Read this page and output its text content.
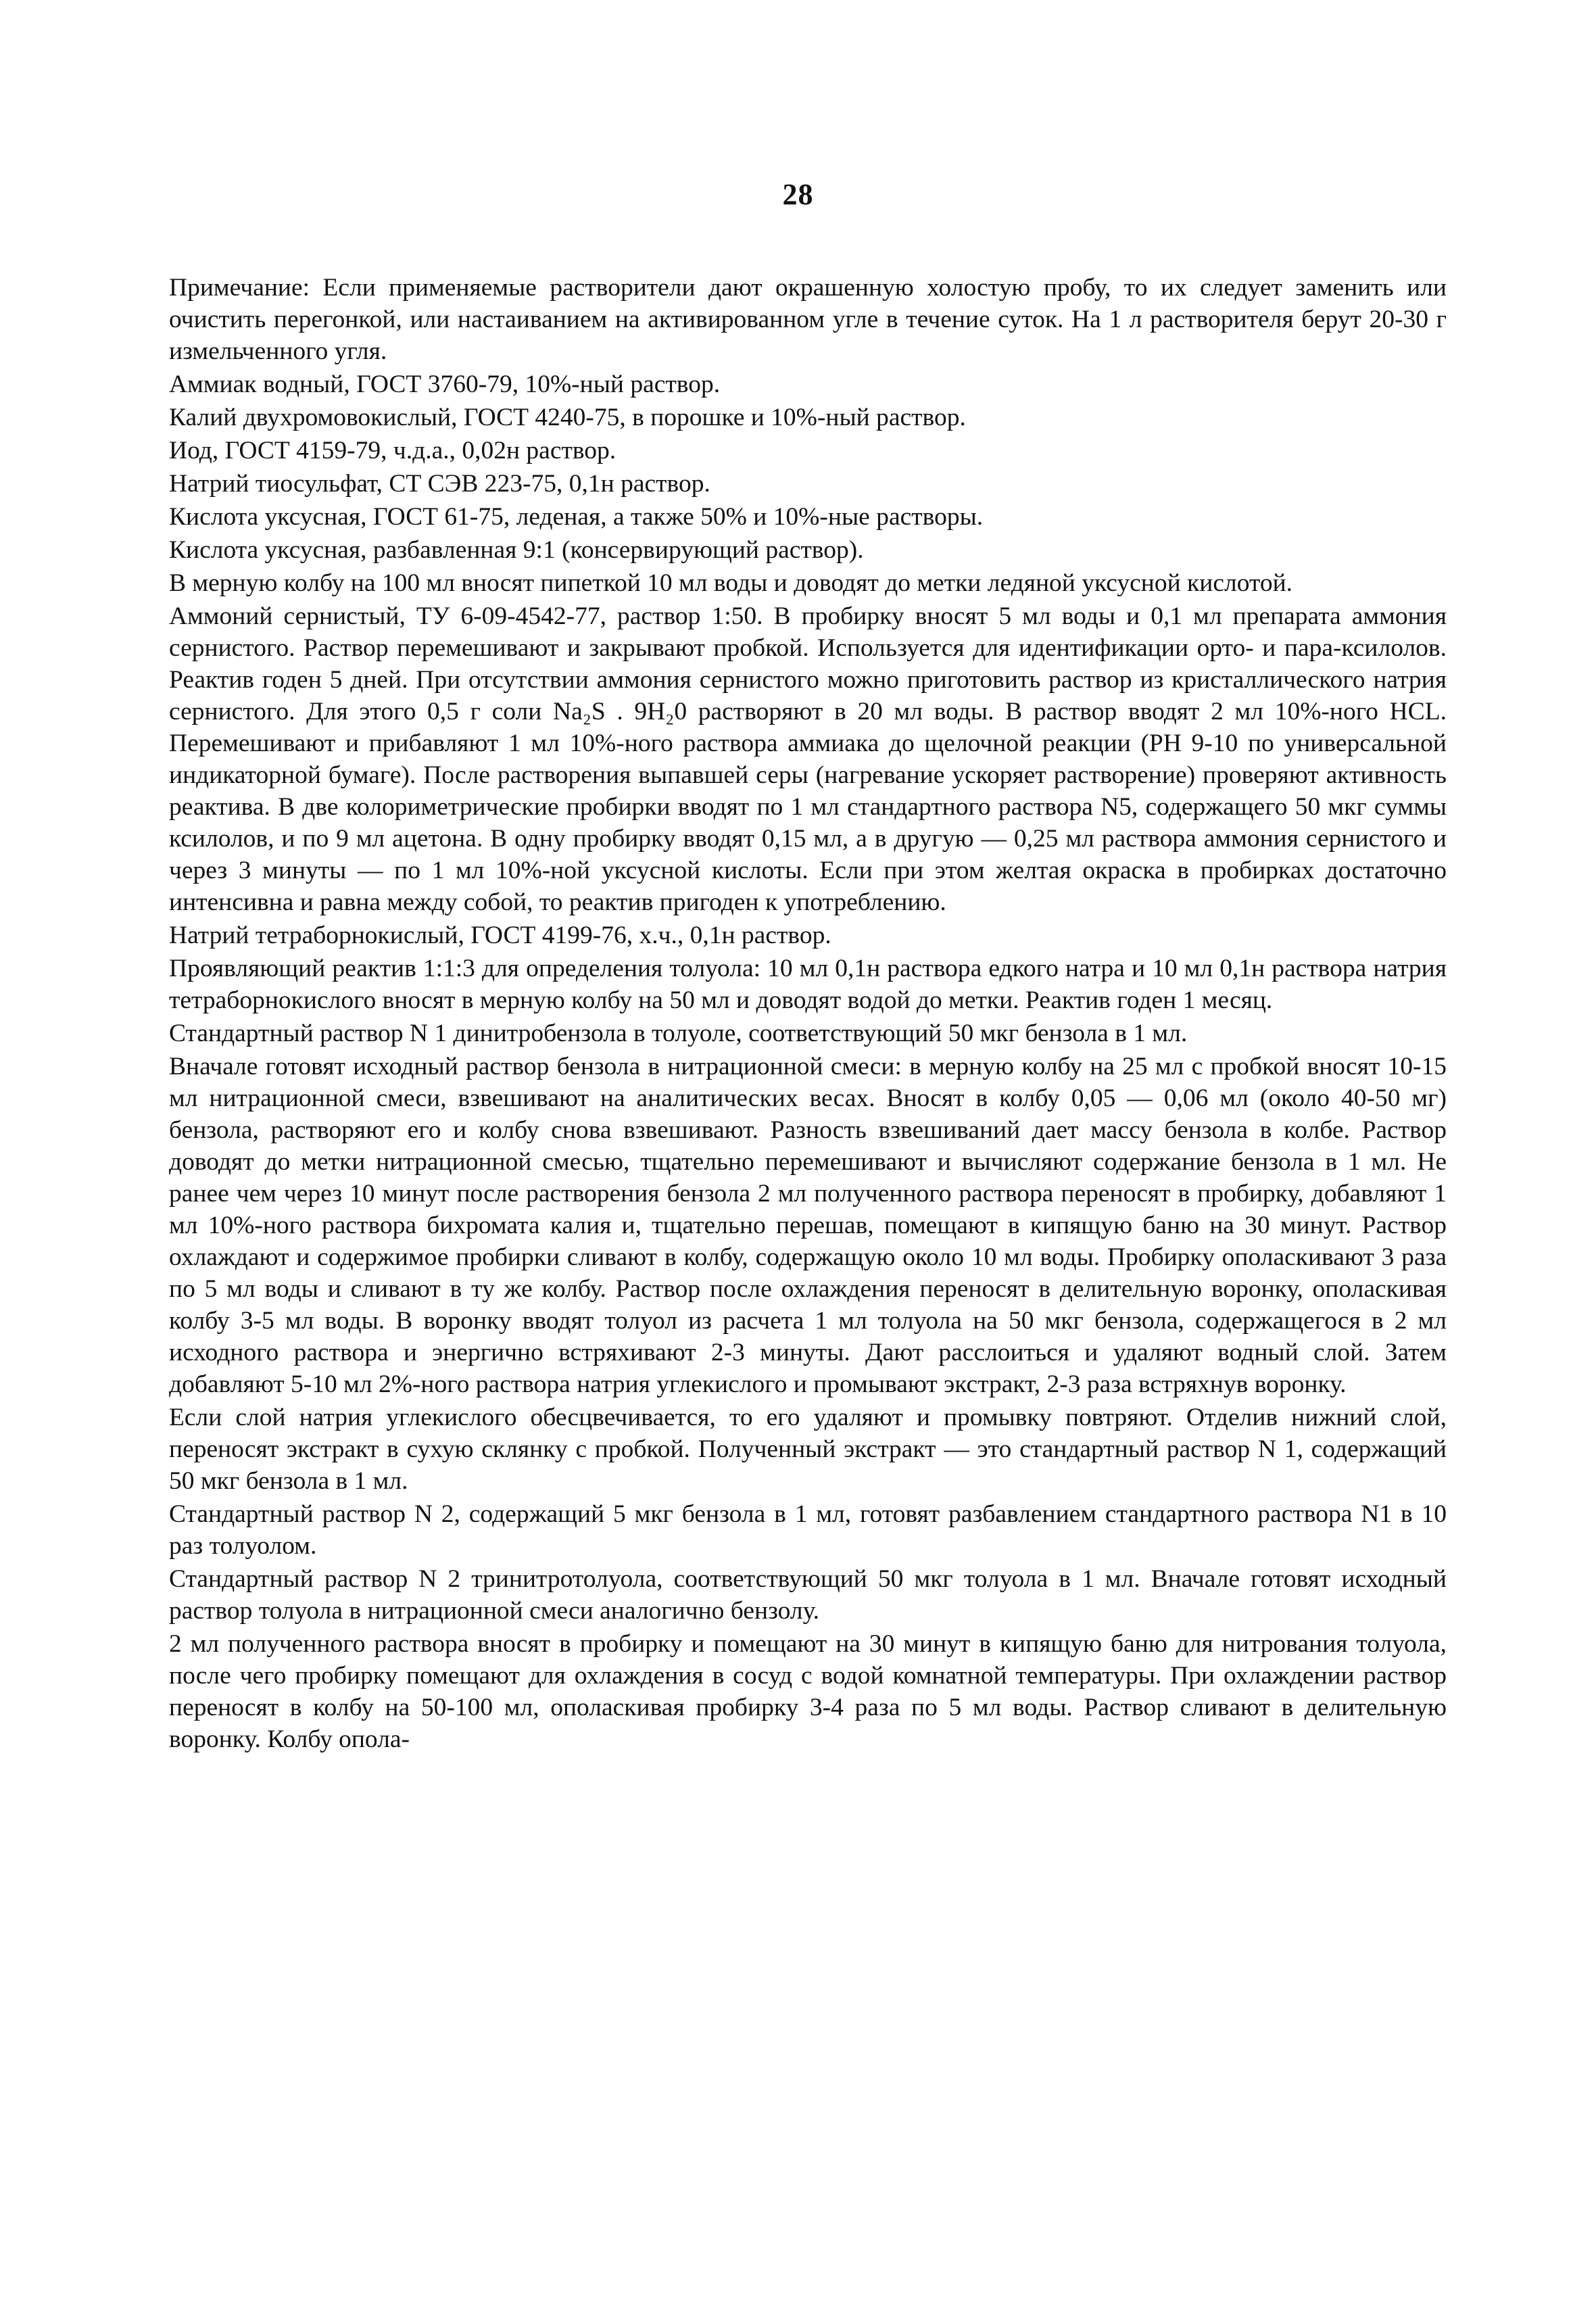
28

Примечание: Если применяемые растворители дают окрашенную холостую пробу, то их следует заменить или очистить перегонкой, или настаиванием на активированном угле в течение суток. На 1 л растворителя берут 20-30 г измельченного угля.

Аммиак водный, ГОСТ 3760-79, 10%-ный раствор.

Калий двухромовокислый, ГОСТ 4240-75, в порошке и 10%-ный раствор.

Иод, ГОСТ 4159-79, ч.д.а., 0,02н раствор.

Натрий тиосульфат, СТ СЭВ 223-75, 0,1н раствор.

Кислота уксусная, ГОСТ 61-75, леденая, а также 50% и 10%-ные растворы.

Кислота уксусная, разбавленная 9:1 (консервирующий раствор).

В мерную колбу на 100 мл вносят пипеткой 10 мл воды и доводят до метки ледяной уксусной кислотой.

Аммоний сернистый, ТУ 6-09-4542-77, раствор 1:50. В пробирку вносят 5 мл воды и 0,1 мл препарата аммония сернистого. Раствор перемешивают и закрывают пробкой. Используется для идентификации орто- и пара-ксилолов. Реактив годен 5 дней. При отсутствии аммония сернистого можно приготовить раствор из кристаллического натрия сернистого. Для этого 0,5 г соли Na₂S . 9H₂0 растворяют в 20 мл воды. В раствор вводят 2 мл 10%-ного HCL. Перемешивают и прибавляют 1 мл 10%-ного раствора аммиака до щелочной реакции (PH 9-10 по универсальной индикаторной бумаге). После растворения выпавшей серы (нагревание ускоряет растворение) проверяют активность реактива. В две колориметрические пробирки вводят по 1 мл стандартного раствора N5, содержащего 50 мкг суммы ксилолов, и по 9 мл ацетона. В одну пробирку вводят 0,15 мл, а в другую — 0,25 мл раствора аммония сернистого и через 3 минуты — по 1 мл 10%-ной уксусной кислоты. Если при этом желтая окраска в пробирках достаточно интенсивна и равна между собой, то реактив пригоден к употреблению.

Натрий тетраборнокислый, ГОСТ 4199-76, х.ч., 0,1н раствор.

Проявляющий реактив 1:1:3 для определения толуола: 10 мл 0,1н раствора едкого натра и 10 мл 0,1н раствора натрия тетраборнокислого вносят в мерную колбу на 50 мл и доводят водой до метки. Реактив годен 1 месяц.

Стандартный раствор N 1 динитробензола в толуоле, соответствующий 50 мкг бензола в 1 мл.

Вначале готовят исходный раствор бензола в нитрационной смеси: в мерную колбу на 25 мл с пробкой вносят 10-15 мл нитрационной смеси, взвешивают на аналитических весах. Вносят в колбу 0,05 — 0,06 мл (около 40-50 мг) бензола, растворяют его и колбу снова взвешивают. Разность взвешиваний дает массу бензола в колбе. Раствор доводят до метки нитрационной смесью, тщательно перемешивают и вычисляют содержание бензола в 1 мл. Не ранее чем через 10 минут после растворения бензола 2 мл полученного раствора переносят в пробирку, добавляют 1 мл 10%-ного раствора бихромата калия и, тщательно перешав, помещают в кипящую баню на 30 минут. Раствор охлаждают и содержимое пробирки сливают в колбу, содержащую около 10 мл воды. Пробирку ополаскивают 3 раза по 5 мл воды и сливают в ту же колбу. Раствор после охлаждения переносят в делительную воронку, ополаскивая колбу 3-5 мл воды. В воронку вводят толуол из расчета 1 мл толуола на 50 мкг бензола, содержащегося в 2 мл исходного раствора и энергично встряхивают 2-3 минуты. Дают расслоиться и удаляют водный слой. Затем добавляют 5-10 мл 2%-ного раствора натрия углекислого и промывают экстракт, 2-3 раза встряхнув воронку.

Если слой натрия углекислого обесцвечивается, то его удаляют и промывку повтряют. Отделив нижний слой, переносят экстракт в сухую склянку с пробкой. Полученный экстракт — это стандартный раствор N 1, содержащий 50 мкг бензола в 1 мл.

Стандартный раствор N 2, содержащий 5 мкг бензола в 1 мл, готовят разбавлением стандартного раствора N1 в 10 раз толуолом.

Стандартный раствор N 2 тринитротолуола, соответствующий 50 мкг толуола в 1 мл. Вначале готовят исходный раствор толуола в нитрационной смеси аналогично бензолу.

2 мл полученного раствора вносят в пробирку и помещают на 30 минут в кипящую баню для нитрования толуола, после чего пробирку помещают для охлаждения в сосуд с водой комнатной температуры. При охлаждении раствор переносят в колбу на 50-100 мл, ополаскивая пробирку 3-4 раза по 5 мл воды. Раствор сливают в делительную воронку. Колбу опола-
